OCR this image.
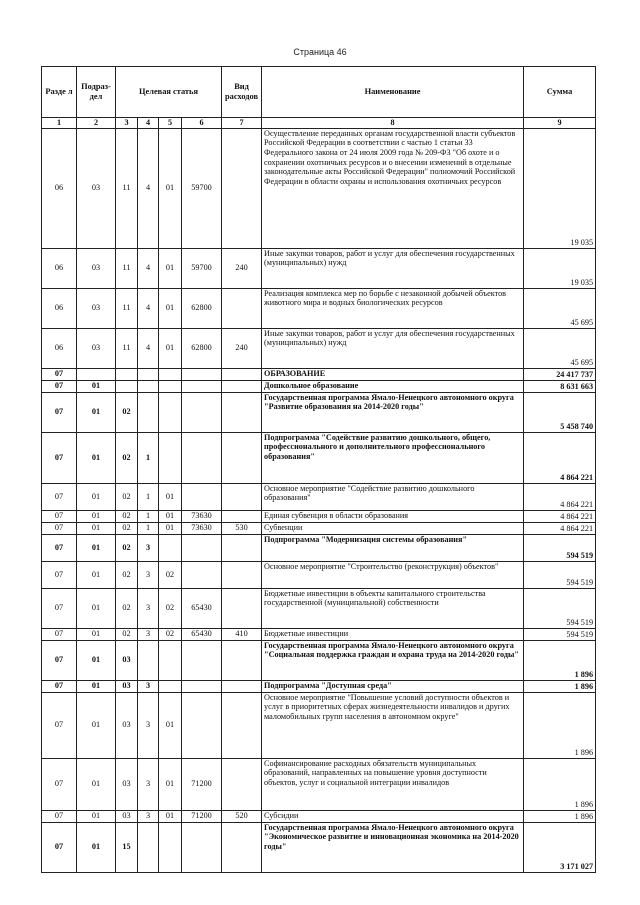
Страница 46
Разде л	Подраз- дел	Целевая статья				Вид расходов	Наименование	Сумма
1	2	3	4	5	6	7	8	9
06	03	11	4	01	59700		Осуществление переданных органам государственной власти субъектов Российской Федерации в соответствии с частью 1 статьи 33 Федерального закона от 24 июля 2009 года № 209-ФЗ "Об охоте и о сохранении охотничьих ресурсов и о внесении изменений в отдельные законодательные акты Российской Федерации" полномочий Российской Федерации в области охраны и использования охотничьих ресурсов	19 035
06	03	11	4	01	59700	240	Иные закупки товаров, работ и услуг для обеспечения государственных (муниципальных) нужд	19 035
06	03	11	4	01	62800		Реализация комплекса мер по борьбе с незаконной добычей объектов животного мира и водных биологических ресурсов	45 695
06	03	11	4	01	62800	240	Иные закупки товаров, работ и услуг для обеспечения государственных (муниципальных) нужд	45 695
07							ОБРАЗОВАНИЕ	24 417 737
07	01						Дошкольное образование	8 631 663
07	01	02					Государственная программа Ямало-Ненецкого автономного округа "Развитие образования на 2014-2020 годы"	5 458 740
07	01	02	1				Подпрограмма "Содействие развитию дошкольного, общего, профессионального и дополнительного профессионального образования"	4 864 221
07	01	02	1	01			Основное мероприятие "Содействие развитию дошкольного образования"	4 864 221
07	01	02	1	01	73630		Единая субвенция в области образования	4 864 221
07	01	02	1	01	73630	530	Субвенции	4 864 221
07	01	02	3				Подпрограмма "Модернизация системы образования"	594 519
07	01	02	3	02			Основное мероприятие "Строительство (реконструкция) объектов"	594 519
07	01	02	3	02	65430		Бюджетные инвестиции в объекты капитального строительства государственной (муниципальной) собственности	594 519
07	01	02	3	02	65430	410	Бюджетные инвестиции	594 519
07	01	03					Государственная программа Ямало-Ненецкого автономного округа "Социальная поддержка граждан и охрана труда на 2014-2020 годы"	1 896
07	01	03	3				Подпрограмма "Доступная среда"	1 896
07	01	03	3	01			Основное мероприятие "Повышение условий доступности объектов и услуг в приоритетных сферах жизнедеятельности инвалидов и других маломобильных групп населения в автономном округе"	1 896
07	01	03	3	01	71200		Софинансирование расходных обязательств муниципальных образований, направленных на повышение уровня доступности объектов, услуг и социальной интеграции инвалидов	1 896
07	01	03	3	01	71200	520	Субсидии	1 896
07	01	15					Государственная программа Ямало-Ненецкого автономного округа "Экономическое развитие и инновационная экономика на 2014-2020 годы"	3 171 027
